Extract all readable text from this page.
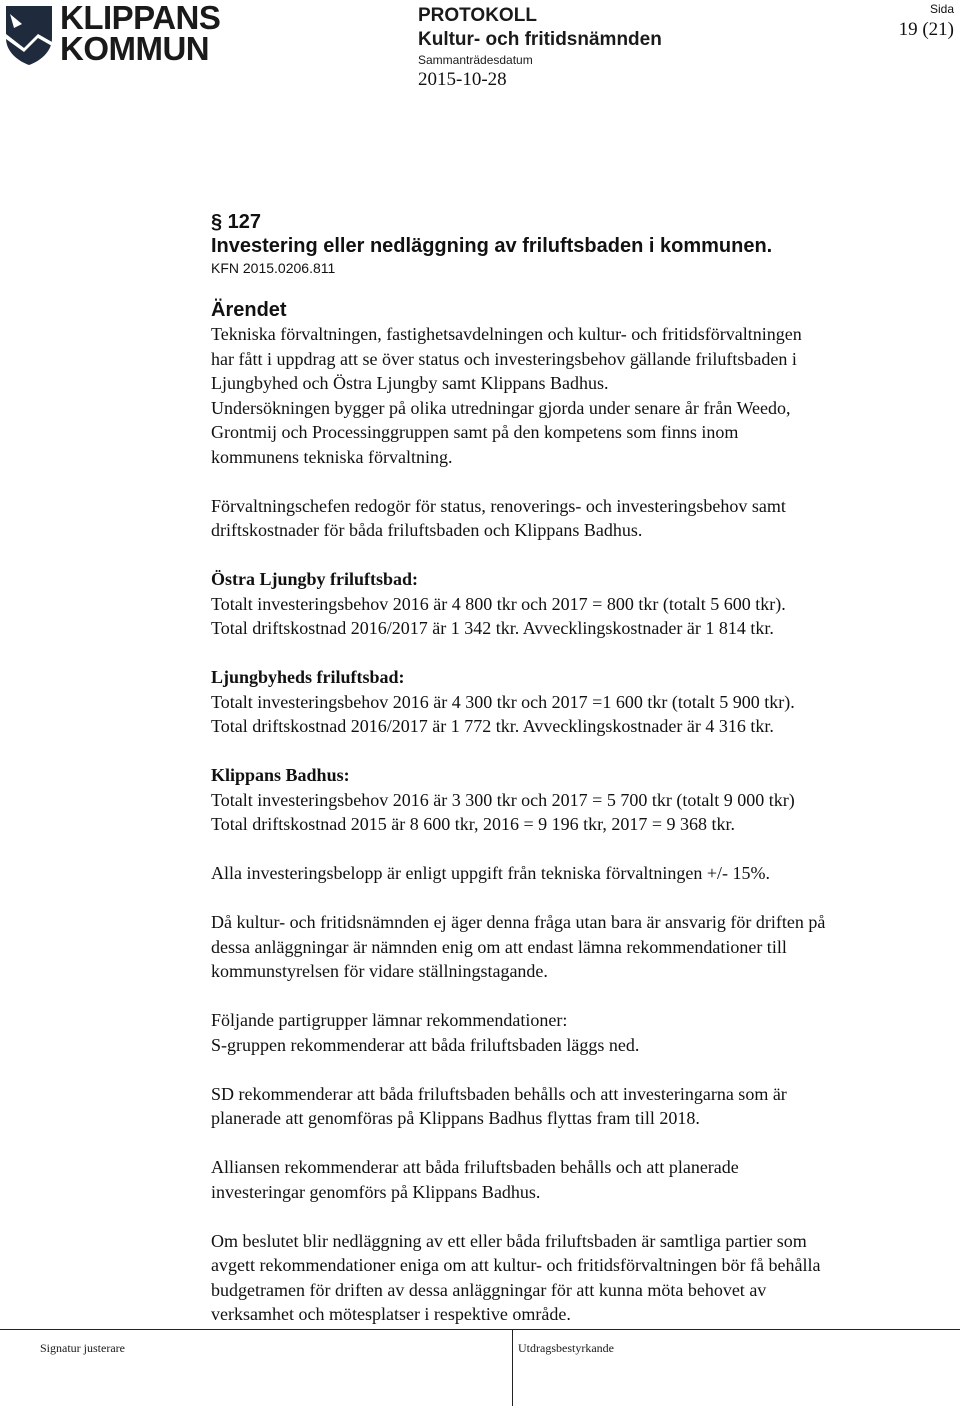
KLIPPANS
KOMMUN
PROTOKOLL
Kultur- och fritidsnämnden
Sammanträdesdatum
2015-10-28
Sida
19 (21)
§ 127
Investering eller nedläggning av friluftsbaden i kommunen.
KFN 2015.0206.811
Ärendet

Tekniska förvaltningen, fastighetsavdelningen och kultur- och fritidsförvaltningen
har fått i uppdrag att se över status och investeringsbehov gällande friluftsbaden i
Ljungbyhed och Östra Ljungby samt Klippans Badhus.
Undersökningen bygger på olika utredningar gjorda under senare år från Weedo,
Grontmij och Processinggruppen samt på den kompetens som finns inom
kommunens tekniska förvaltning.

Förvaltningschefen redogör för status, renoverings- och investeringsbehov samt
driftskostnader för båda friluftsbaden och Klippans Badhus.

Östra Ljungby friluftsbad:

Totalt investeringsbehov 2016 är 4 800 tkr och 2017 = 800 tkr (totalt 5 600 tkr).
Total driftskostnad 2016/2017 är 1 342 tkr. Avvecklingskostnader är 1 814 tkr.

Ljungbyheds friluftsbad:

Totalt investeringsbehov 2016 är 4 300 tkr och 2017 =1 600 tkr (totalt 5 900 tkr).
Total driftskostnad 2016/2017 är 1 772 tkr. Avvecklingskostnader är 4 316 tkr.

Klippans Badhus:

Totalt investeringsbehov 2016 är 3 300 tkr och 2017 = 5 700 tkr (totalt 9 000 tkr)
Total driftskostnad 2015 är 8 600 tkr, 2016 = 9 196 tkr, 2017 = 9 368 tkr.

Alla investeringsbelopp är enligt uppgift från tekniska förvaltningen +/- 15%.

Då kultur- och fritidsnämnden ej äger denna fråga utan bara är ansvarig för driften på
dessa anläggningar är nämnden enig om att endast lämna rekommendationer till
kommunstyrelsen för vidare ställningstagande.

Följande partigrupper lämnar rekommendationer:
S-gruppen rekommenderar att båda friluftsbaden läggs ned.

SD rekommenderar att båda friluftsbaden behålls och att investeringarna som är
planerade att genomföras på Klippans Badhus flyttas fram till 2018.

Alliansen rekommenderar att båda friluftsbaden behålls och att planerade
investeringar genomförs på Klippans Badhus.

Om beslutet blir nedläggning av ett eller båda friluftsbaden är samtliga partier som
avgett rekommendationer eniga om att kultur- och fritidsförvaltningen bör få behålla
budgetramen för driften av dessa anläggningar för att kunna möta behovet av
verksamhet och mötesplatser i respektive område.

Signatur justerare	Utdragsbestyrkande
